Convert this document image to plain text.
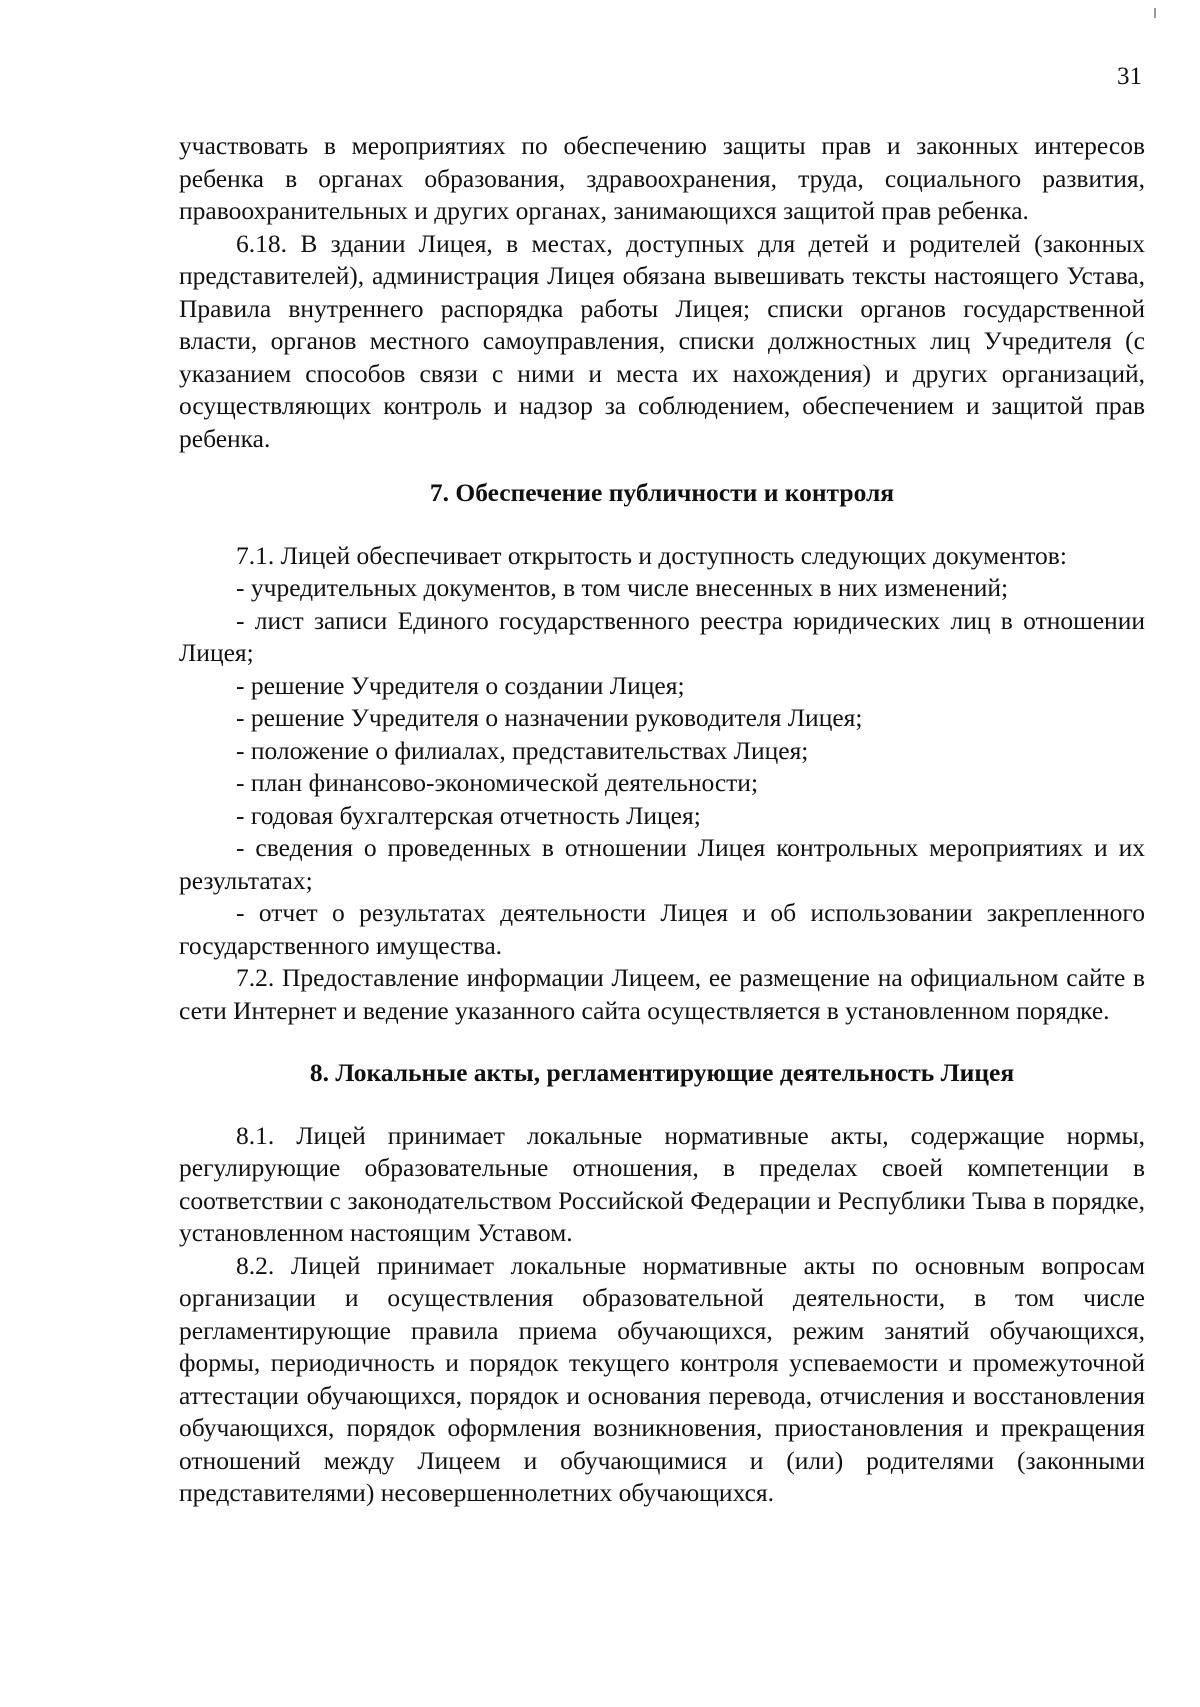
31

участвовать в мероприятиях по обеспечению защиты прав и законных интересов ребенка в органах образования, здравоохранения, труда, социального развития, правоохранительных и других органах, занимающихся защитой прав ребенка.

6.18. В здании Лицея, в местах, доступных для детей и родителей (законных представителей), администрация Лицея обязана вывешивать тексты настоящего Устава, Правила внутреннего распорядка работы Лицея; списки органов государственной власти, органов местного самоуправления, списки должностных лиц Учредителя (с указанием способов связи с ними и места их нахождения) и других организаций, осуществляющих контроль и надзор за соблюдением, обеспечением и защитой прав ребенка.

7. Обеспечение публичности и контроля

7.1. Лицей обеспечивает открытость и доступность следующих документов:

- учредительных документов, в том числе внесенных в них изменений;

- лист записи Единого государственного реестра юридических лиц в отношении Лицея;

- решение Учредителя о создании Лицея;

- решение Учредителя о назначении руководителя Лицея;

- положение о филиалах, представительствах Лицея;

- план финансово-экономической деятельности;

- годовая бухгалтерская отчетность Лицея;

- сведения о проведенных в отношении Лицея контрольных мероприятиях и их результатах;

- отчет о результатах деятельности Лицея и об использовании закрепленного государственного имущества.

7.2. Предоставление информации Лицеем, ее размещение на официальном сайте в сети Интернет и ведение указанного сайта осуществляется в установленном порядке.

8. Локальные акты, регламентирующие деятельность Лицея

8.1. Лицей принимает локальные нормативные акты, содержащие нормы, регулирующие образовательные отношения, в пределах своей компетенции в соответствии с законодательством Российской Федерации и Республики Тыва в порядке, установленном настоящим Уставом.

8.2. Лицей принимает локальные нормативные акты по основным вопросам организации и осуществления образовательной деятельности, в том числе регламентирующие правила приема обучающихся, режим занятий обучающихся, формы, периодичность и порядок текущего контроля успеваемости и промежуточной аттестации обучающихся, порядок и основания перевода, отчисления и восстановления обучающихся, порядок оформления возникновения, приостановления и прекращения отношений между Лицеем и обучающимися и (или) родителями (законными представителями) несовершеннолетних обучающихся.
